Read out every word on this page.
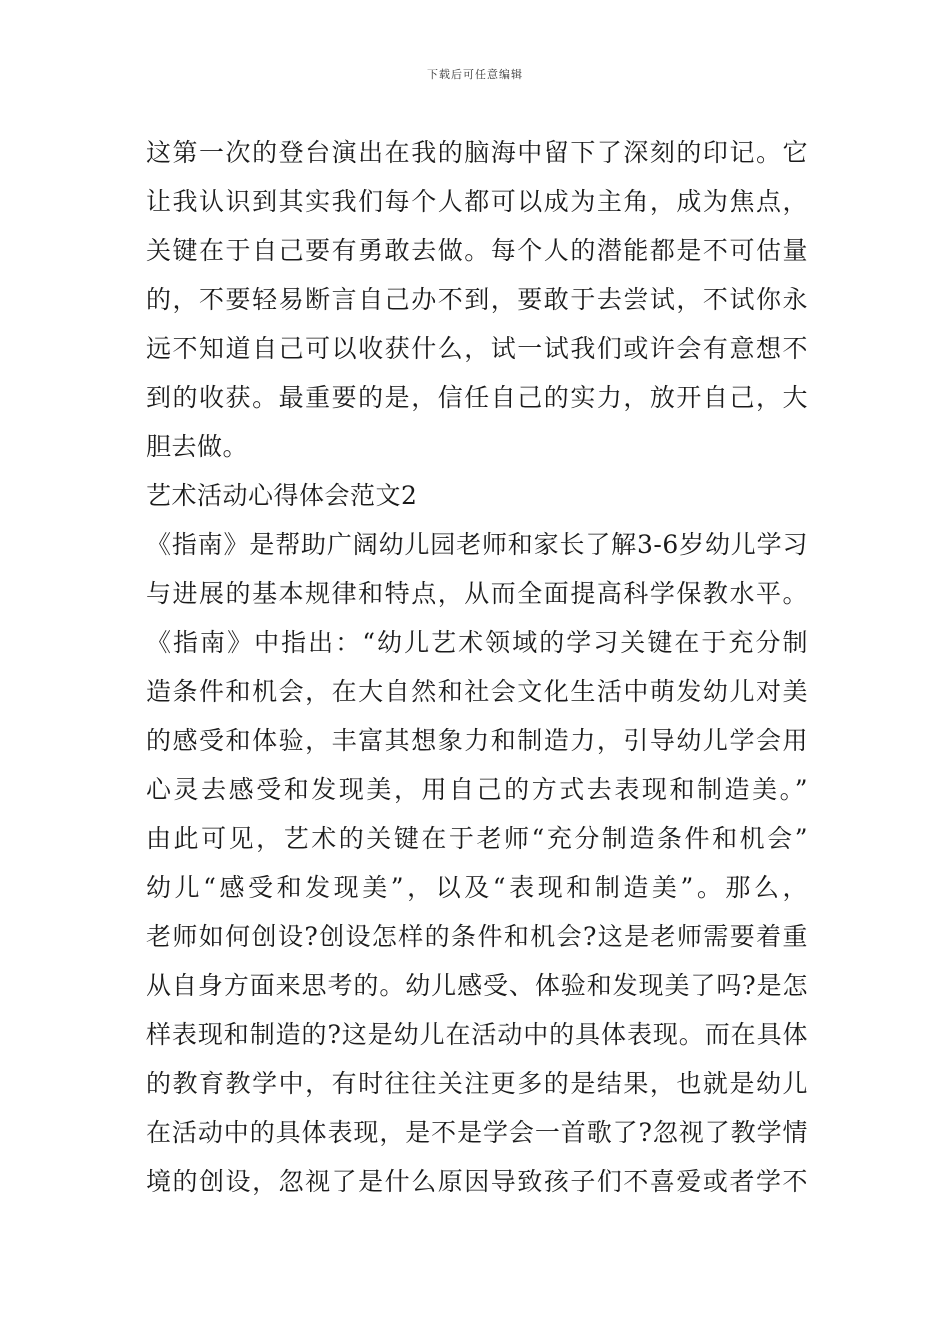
下载后可任意编辑
这第一次的登台演出在我的脑海中留下了深刻的印记。它
让我认识到其实我们每个人都可以成为主角，成为焦点，
关键在于自己要有勇敢去做。每个人的潜能都是不可估量
的，不要轻易断言自己办不到，要敢于去尝试，不试你永
远不知道自己可以收获什么，试一试我们或许会有意想不
到的收获。最重要的是，信任自己的实力，放开自己，大
胆去做。
艺术活动心得体会范文2
《指南》是帮助广阔幼儿园老师和家长了解3-6岁幼儿学习
与进展的基本规律和特点，从而全面提高科学保教水平。
《指南》中指出：“幼儿艺术领域的学习关键在于充分制
造条件和机会，在大自然和社会文化生活中萌发幼儿对美
的感受和体验，丰富其想象力和制造力，引导幼儿学会用
心灵去感受和发现美，用自己的方式去表现和制造美。”
由此可见，艺术的关键在于老师“充分制造条件和机会”
幼儿“感受和发现美”，以及“表现和制造美”。那么，
老师如何创设?创设怎样的条件和机会?这是老师需要着重
从自身方面来思考的。幼儿感受、体验和发现美了吗?是怎
样表现和制造的?这是幼儿在活动中的具体表现。而在具体
的教育教学中，有时往往关注更多的是结果，也就是幼儿
在活动中的具体表现，是不是学会一首歌了?忽视了教学情
境的创设，忽视了是什么原因导致孩子们不喜爱或者学不
